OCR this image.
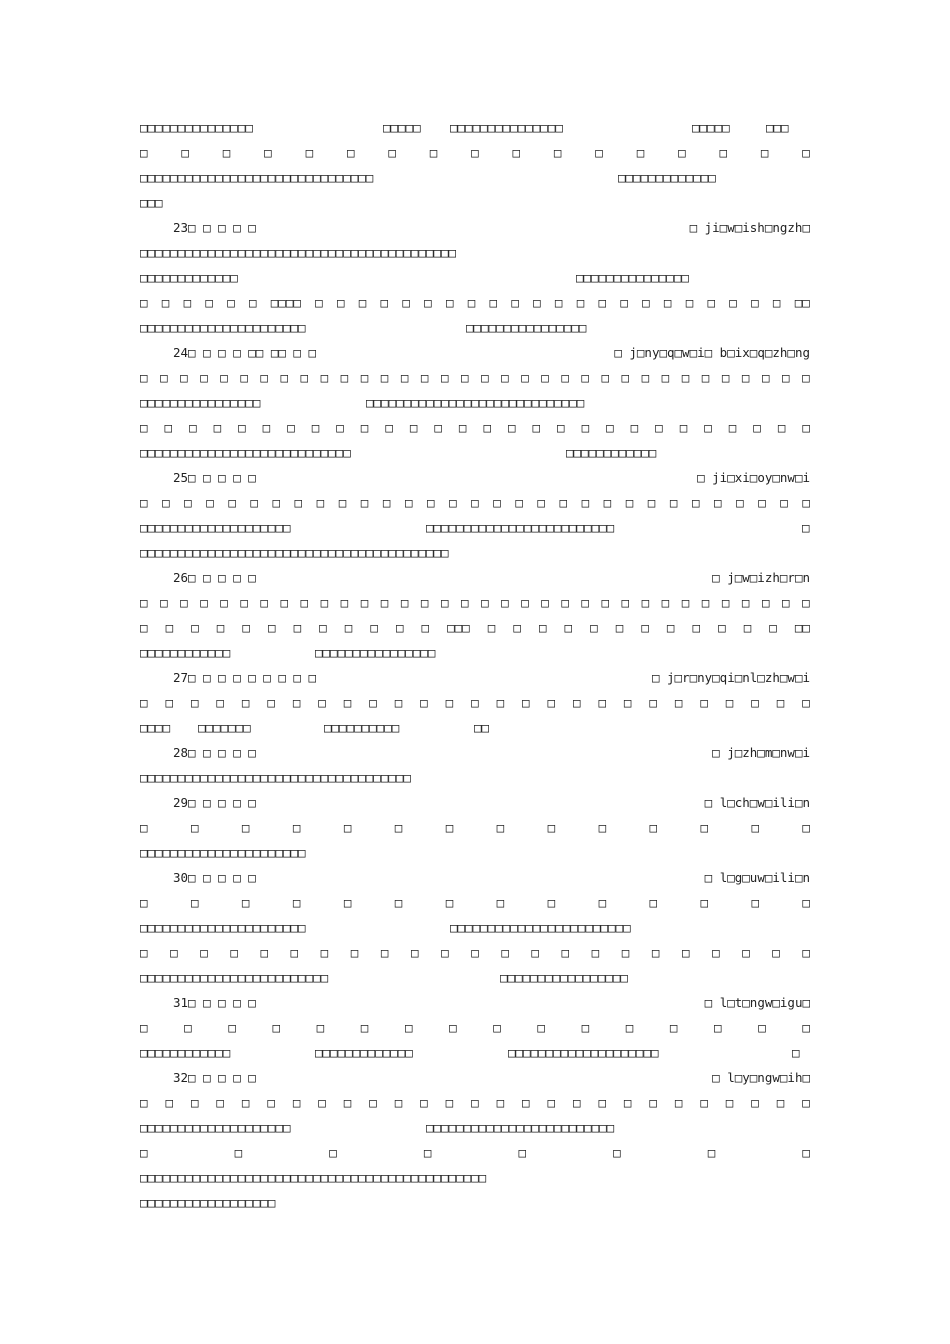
□□□□□□□□□□□□□□□

	□□□□□

□□□□□□□□□□□□□□□

	□□□□□

	□□□

□	□	□	□	□	□	□	□	□	□	□	□	□	□	□	□	□

□□□□□□□□□□□□□□□□□□□□□□□□□□□□□□□

	□□□□□□□□□□□□□

□□□

23□ □ □ □ □

	□ ji□w□ish□ngzh□

□□□□□□□□□□□□□□□□□□□□□□□□□□□□□□□□□□□□□□□□□□

□□□□□□□□□□□□□

	□□□□□□□□□□□□□□□

□ □ □ □ □ □ □□□□ □ □ □ □ □ □ □ □ □ □ □ □ □ □ □ □ □ □ □ □ □ □ □□

□□□□□□□□□□□□□□□□□□□□□□

	□□□□□□□□□□□□□□□□

24□ □ □ □ □□ □□ □ □

	□ j□ny□q□w□i□ b□ix□q□zh□ng

□ □ □ □ □ □ □ □ □ □ □ □ □ □ □ □ □ □ □ □ □ □ □ □ □ □ □ □ □ □ □ □ □ □

□□□□□□□□□□□□□□□□

	□□□□□□□□□□□□□□□□□□□□□□□□□□□□□

□ □ □ □ □ □ □ □ □ □ □ □ □ □ □ □ □ □ □ □ □ □ □ □ □ □ □ □

□□□□□□□□□□□□□□□□□□□□□□□□□□□□

	□□□□□□□□□□□□

25□ □ □ □ □

	□ ji□xi□oy□nw□i

□ □ □ □ □ □ □ □ □ □ □ □ □ □ □ □ □ □ □ □ □ □ □ □ □ □ □ □ □ □ □

□□□□□□□□□□□□□□□□□□□□

	□□□□□□□□□□□□□□□□□□□□□□□□□

	□

□□□□□□□□□□□□□□□□□□□□□□□□□□□□□□□□□□□□□□□□□

26□ □ □ □ □

	□ j□w□izh□r□n

□ □ □ □ □ □ □ □ □ □ □ □ □ □ □ □ □ □ □ □ □ □ □ □ □ □ □ □ □ □ □ □ □ □

□ □ □ □ □ □ □ □ □ □ □ □ □□□ □ □ □ □ □ □ □ □ □ □ □ □ □□

□□□□□□□□□□□□

	□□□□□□□□□□□□□□□□

27□ □ □ □ □ □ □ □ □

	□ j□r□ny□qi□nl□zh□w□i

□ □ □ □ □ □ □ □ □ □ □ □ □ □ □ □ □ □ □ □ □ □ □ □ □ □ □

□□□□

□□□□□□□

	□□□□□□□□□□

	□□

28□ □ □ □ □

	□ j□zh□m□nw□i

□□□□□□□□□□□□□□□□□□□□□□□□□□□□□□□□□□□□

29□ □ □ □ □

	□ l□ch□w□ili□n

□	□	□	□	□	□	□	□	□	□	□	□	□	□

□□□□□□□□□□□□□□□□□□□□□□

30□ □ □ □ □

	□ l□g□uw□ili□n

□	□	□	□	□	□	□	□	□	□	□	□	□	□

□□□□□□□□□□□□□□□□□□□□□□

	□□□□□□□□□□□□□□□□□□□□□□□□

□ □ □ □ □ □ □ □ □ □ □ □ □ □ □ □ □ □ □ □ □ □ □

□□□□□□□□□□□□□□□□□□□□□□□□□

	□□□□□□□□□□□□□□□□□

31□ □ □ □ □

	□ l□t□ngw□igu□

□	□	□	□	□	□	□	□	□	□	□	□	□	□	□	□

□□□□□□□□□□□□

	□□□□□□□□□□□□□

	□□□□□□□□□□□□□□□□□□□□

	□

32□ □ □ □ □

	□ l□y□ngw□ih□

□ □ □ □ □ □ □ □ □ □ □ □ □ □ □ □ □ □ □ □ □ □ □ □ □ □ □

□□□□□□□□□□□□□□□□□□□□

	□□□□□□□□□□□□□□□□□□□□□□□□□

□	□	□	□	□	□	□	□

□□□□□□□□□□□□□□□□□□□□□□□□□□□□□□□□□□□□□□□□□□□□□□

□□□□□□□□□□□□□□□□□□
